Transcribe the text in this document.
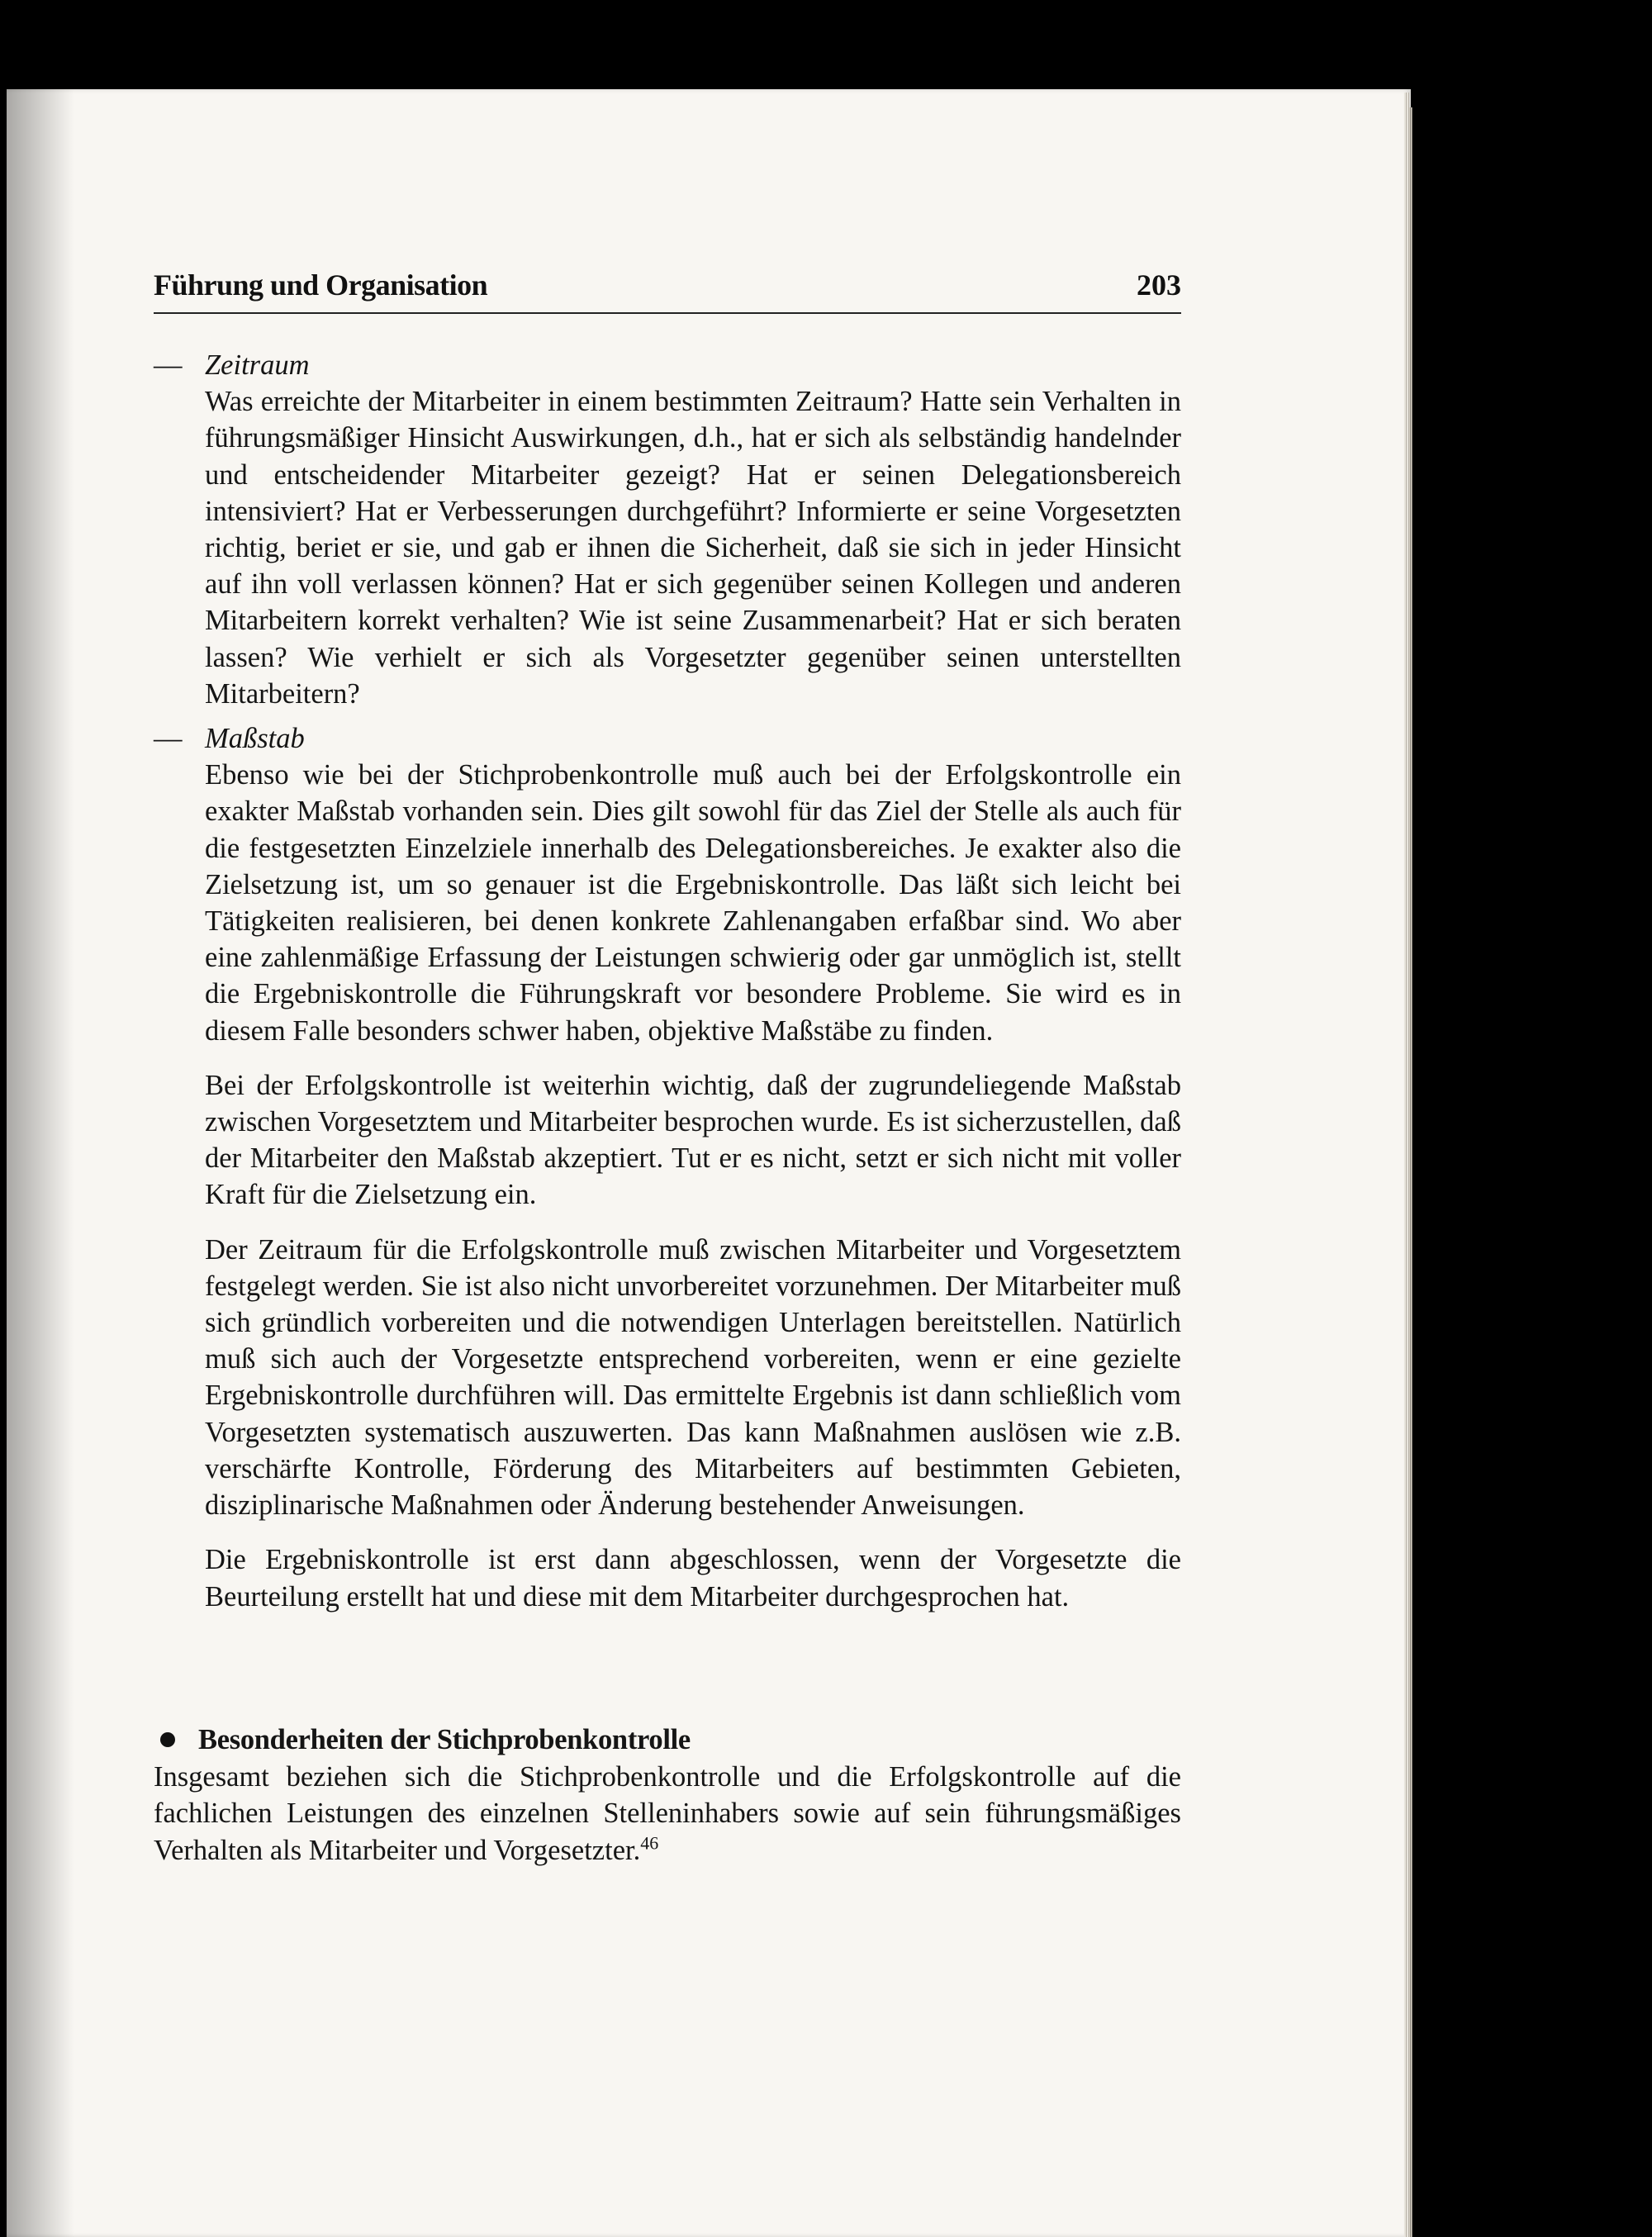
Führung und Organisation	203
— Zeitraum
Was erreichte der Mitarbeiter in einem bestimmten Zeitraum? Hatte sein Verhalten in führungsmäßiger Hinsicht Auswirkungen, d.h., hat er sich als selbständig handelnder und entscheidender Mitarbeiter gezeigt? Hat er seinen Delegationsbereich intensiviert? Hat er Verbesserungen durchgeführt? Informierte er seine Vorgesetzten richtig, beriet er sie, und gab er ihnen die Sicherheit, daß sie sich in jeder Hinsicht auf ihn voll verlassen können? Hat er sich gegenüber seinen Kollegen und anderen Mitarbeitern korrekt verhalten? Wie ist seine Zusammenarbeit? Hat er sich beraten lassen? Wie verhielt er sich als Vorgesetzter gegenüber seinen unterstellten Mitarbeitern?
— Maßstab
Ebenso wie bei der Stichprobenkontrolle muß auch bei der Erfolgskontrolle ein exakter Maßstab vorhanden sein. Dies gilt sowohl für das Ziel der Stelle als auch für die festgesetzten Einzelziele innerhalb des Delegationsbereiches. Je exakter also die Zielsetzung ist, um so genauer ist die Ergebniskontrolle. Das läßt sich leicht bei Tätigkeiten realisieren, bei denen konkrete Zahlenangaben erfaßbar sind. Wo aber eine zahlenmäßige Erfassung der Leistungen schwierig oder gar unmöglich ist, stellt die Ergebniskontrolle die Führungskraft vor besondere Probleme. Sie wird es in diesem Falle besonders schwer haben, objektive Maßstäbe zu finden.
Bei der Erfolgskontrolle ist weiterhin wichtig, daß der zugrundeliegende Maßstab zwischen Vorgesetztem und Mitarbeiter besprochen wurde. Es ist sicherzustellen, daß der Mitarbeiter den Maßstab akzeptiert. Tut er es nicht, setzt er sich nicht mit voller Kraft für die Zielsetzung ein.
Der Zeitraum für die Erfolgskontrolle muß zwischen Mitarbeiter und Vorgesetztem festgelegt werden. Sie ist also nicht unvorbereitet vorzunehmen. Der Mitarbeiter muß sich gründlich vorbereiten und die notwendigen Unterlagen bereitstellen. Natürlich muß sich auch der Vorgesetzte entsprechend vorbereiten, wenn er eine gezielte Ergebniskontrolle durchführen will. Das ermittelte Ergebnis ist dann schließlich vom Vorgesetzten systematisch auszuwerten. Das kann Maßnahmen auslösen wie z.B. verschärfte Kontrolle, Förderung des Mitarbeiters auf bestimmten Gebieten, disziplinarische Maßnahmen oder Änderung bestehender Anweisungen.
Die Ergebniskontrolle ist erst dann abgeschlossen, wenn der Vorgesetzte die Beurteilung erstellt hat und diese mit dem Mitarbeiter durchgesprochen hat.
Besonderheiten der Stichprobenkontrolle
Insgesamt beziehen sich die Stichprobenkontrolle und die Erfolgskontrolle auf die fachlichen Leistungen des einzelnen Stelleninhabers sowie auf sein führungsmäßiges Verhalten als Mitarbeiter und Vorgesetzter.$^{46}$
